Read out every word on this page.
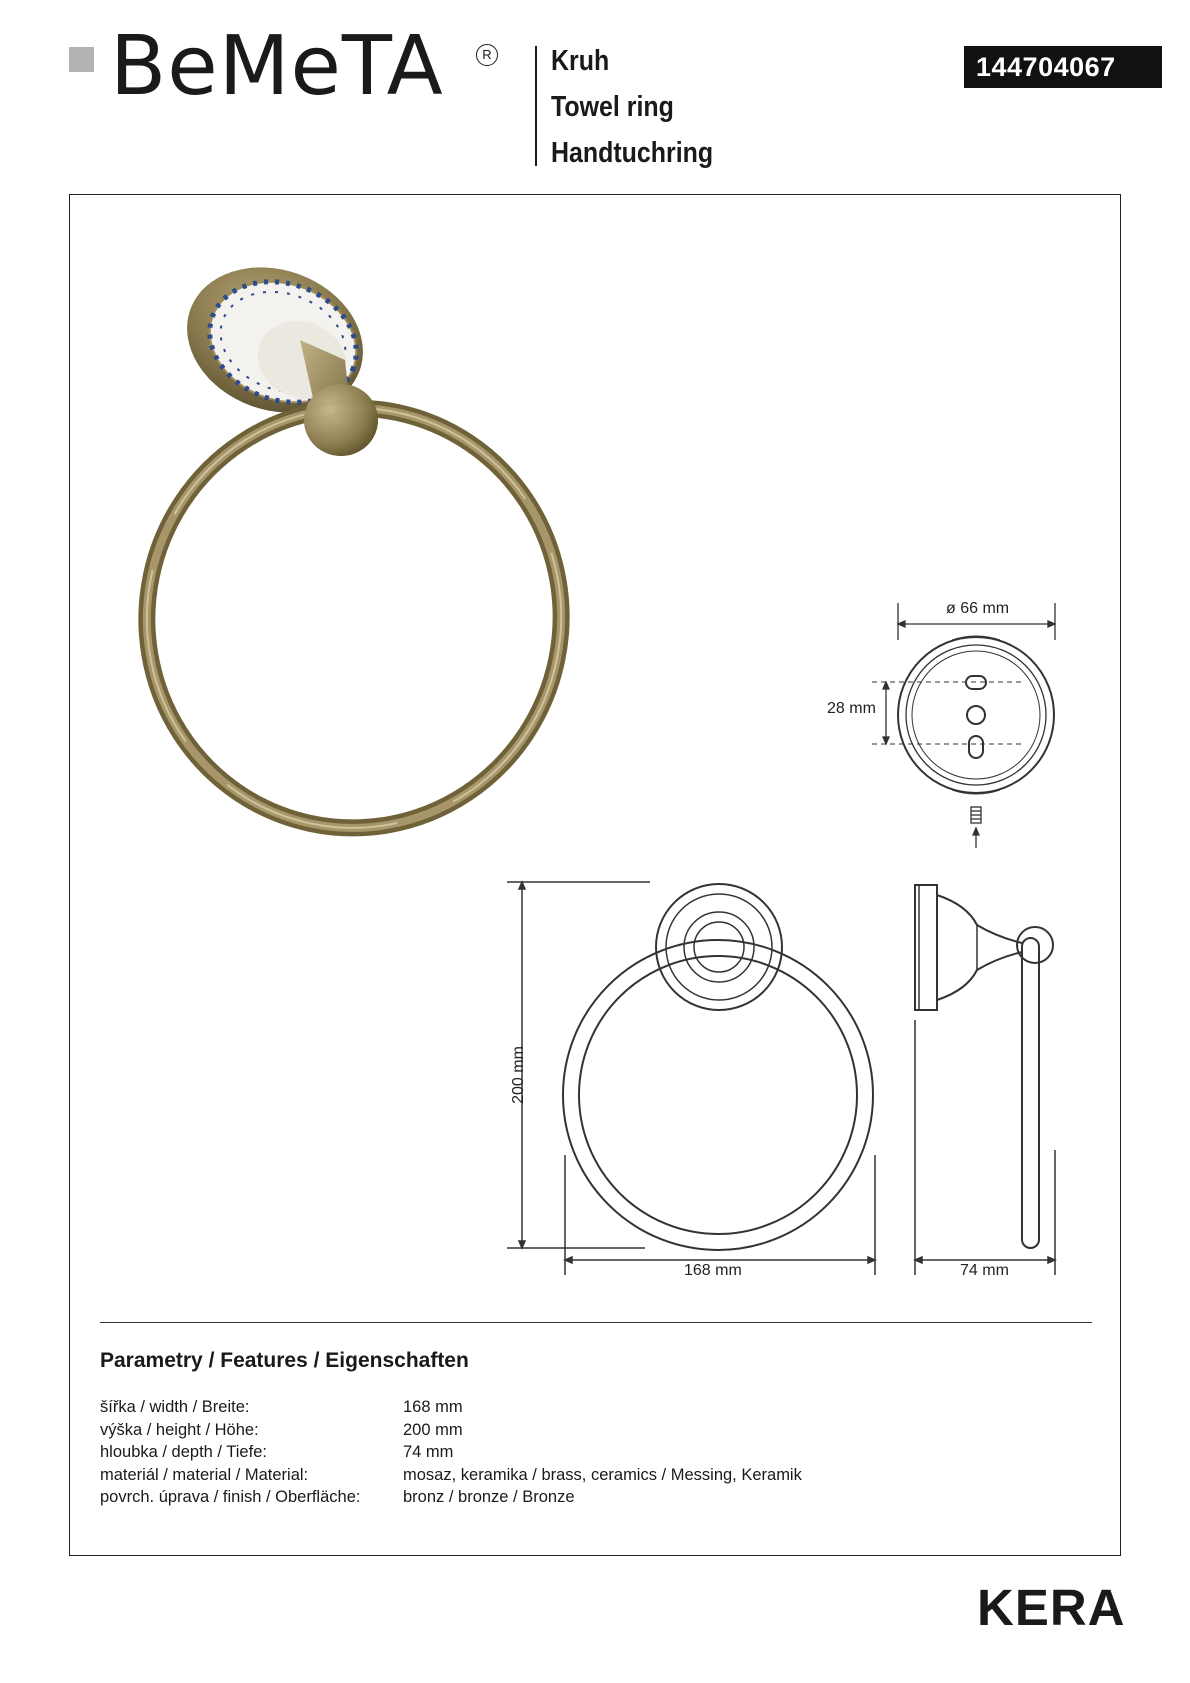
BeMeTA	R Kruh
Towel ring
Handtuchring
144704067
ø 66 mm
28 mm
200 mm
168 mm	74 mm
Parametry / Features / Eigenschaften
šířka / width / Breite:	168 mm
výška / height / Höhe:	200 mm
hloubka / depth / Tiefe:	74 mm
materiál / material / Material:	mosaz, keramika / brass, ceramics / Messing, Keramik
povrch. úprava / finish / Oberfläche:	bronz / bronze / Bronze
KERA
